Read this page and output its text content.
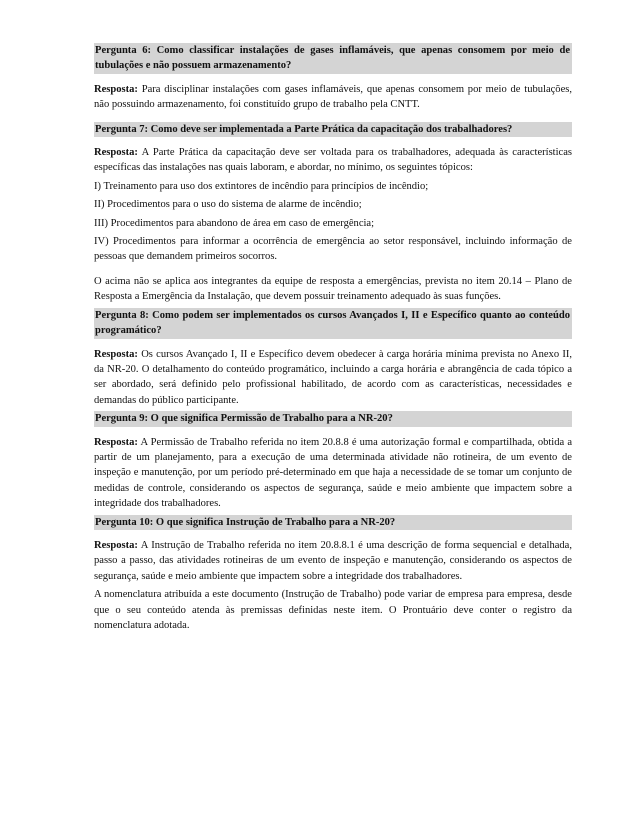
Pergunta 6: Como classificar instalações de gases inflamáveis, que apenas consomem por meio de tubulações e não possuem armazenamento?

Resposta: Para disciplinar instalações com gases inflamáveis, que apenas consomem por meio de tubulações, não possuindo armazenamento, foi constituído grupo de trabalho pela CNTT.

Pergunta 7: Como deve ser implementada a Parte Prática da capacitação dos trabalhadores?

Resposta: A Parte Prática da capacitação deve ser voltada para os trabalhadores, adequada às características específicas das instalações nas quais laboram, e abordar, no mínimo, os seguintes tópicos:

I) Treinamento para uso dos extintores de incêndio para princípios de incêndio;

II) Procedimentos para o uso do sistema de alarme de incêndio;

III) Procedimentos para abandono de área em caso de emergência;

IV) Procedimentos para informar a ocorrência de emergência ao setor responsável, incluindo informação de pessoas que demandem primeiros socorros.

O acima não se aplica aos integrantes da equipe de resposta a emergências, prevista no item 20.14 – Plano de Resposta a Emergência da Instalação, que devem possuir treinamento adequado às suas funções.

Pergunta 8: Como podem ser implementados os cursos Avançados I, II e Específico quanto ao conteúdo programático?

Resposta: Os cursos Avançado I, II e Específico devem obedecer à carga horária mínima prevista no Anexo II, da NR-20. O detalhamento do conteúdo programático, incluindo a carga horária e abrangência de cada tópico a ser abordado, será definido pelo profissional habilitado, de acordo com as características, necessidades e demandas do público participante.

Pergunta 9: O que significa Permissão de Trabalho para a NR-20?

Resposta: A Permissão de Trabalho referida no item 20.8.8 é uma autorização formal e compartilhada, obtida a partir de um planejamento, para a execução de uma determinada atividade não rotineira, de um evento de inspeção e manutenção, por um período pré-determinado em que haja a necessidade de se tomar um conjunto de medidas de controle, considerando os aspectos de segurança, saúde e meio ambiente que impactem sobre a integridade dos trabalhadores.

Pergunta 10: O que significa Instrução de Trabalho para a NR-20?

Resposta: A Instrução de Trabalho referida no item 20.8.8.1 é uma descrição de forma sequencial e detalhada, passo a passo, das atividades rotineiras de um evento de inspeção e manutenção, considerando os aspectos de segurança, saúde e meio ambiente que impactem sobre a integridade dos trabalhadores.

A nomenclatura atribuída a este documento (Instrução de Trabalho) pode variar de empresa para empresa, desde que o seu conteúdo atenda às premissas definidas neste item. O Prontuário deve conter o registro da nomenclatura adotada.
